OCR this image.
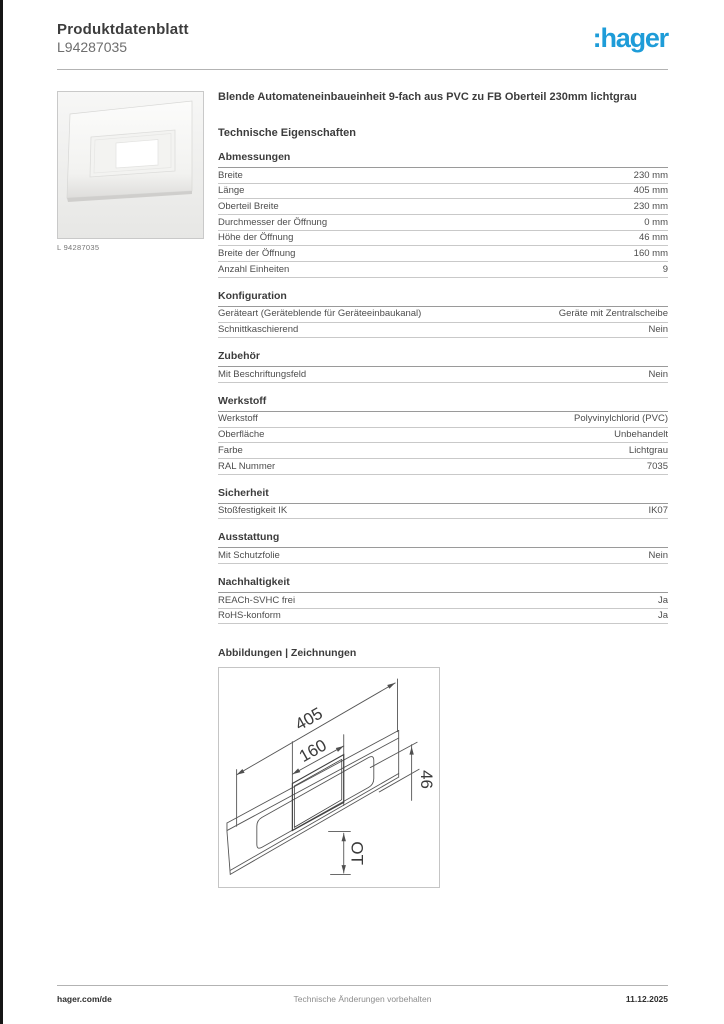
Produktdatenblatt
L94287035	:hager
L 94287035
Blende Automateneinbaueinheit 9-fach aus PVC zu FB Oberteil 230mm lichtgrau
Technische Eigenschaften
Abmessungen
Breite	230 mm
Länge	405 mm
Oberteil Breite	230 mm
Durchmesser der Öffnung	0 mm
Höhe der Öffnung	46 mm
Breite der Öffnung	160 mm
Anzahl Einheiten	9
Konfiguration
Geräteart (Geräteblende für Geräteeinbaukanal)	Geräte mit Zentralscheibe
Schnittkaschierend	Nein
Zubehör
Mit Beschriftungsfeld	Nein
Werkstoff
Werkstoff	Polyvinylchlorid (PVC)
Oberfläche	Unbehandelt
Farbe	Lichtgrau
RAL Nummer	7035
Sicherheit
Stoßfestigkeit IK	IK07
Ausstattung
Mit Schutzfolie	Nein
Nachhaltigkeit
REACh-SVHC frei	Ja
RoHS-konform	Ja
Abbildungen | Zeichnungen
405
160
46
OT
Technische Änderungen vorbehalten
hager.com/de	11.12.2025
